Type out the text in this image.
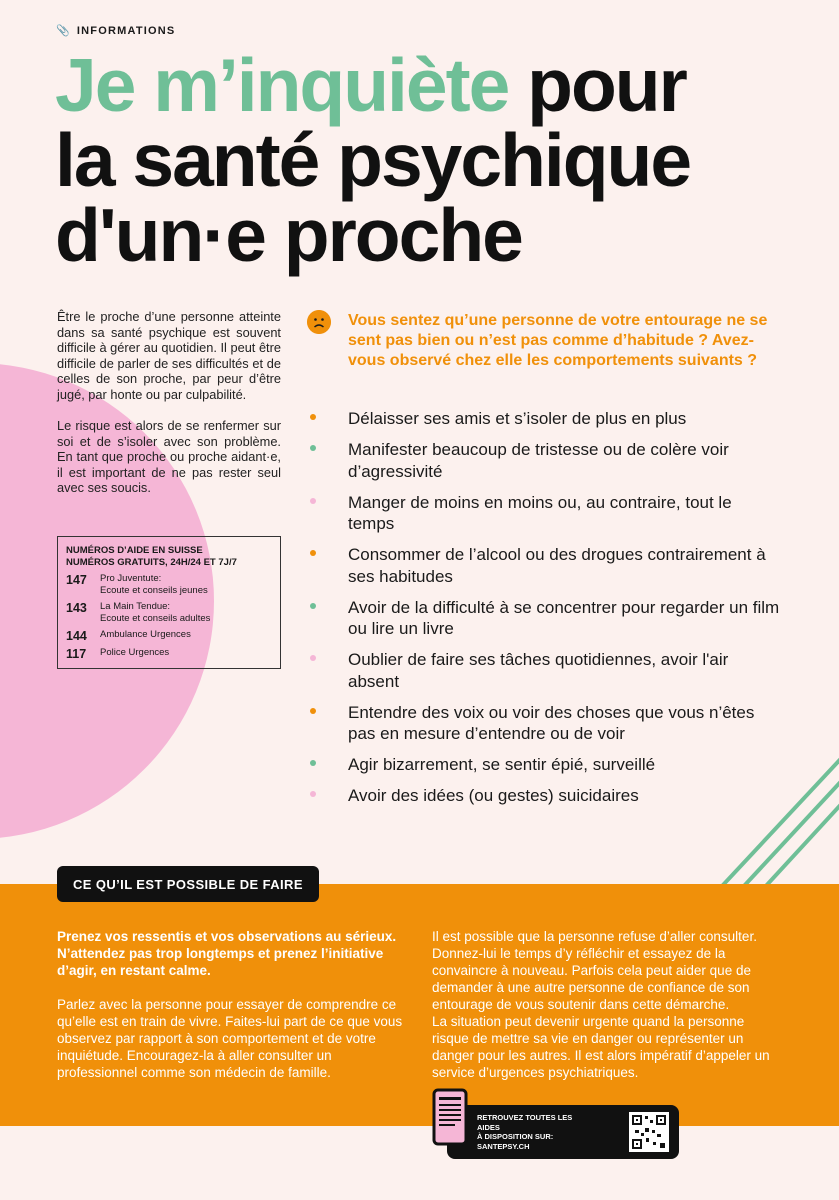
📎 INFORMATIONS
Je m’inquiète pour
la santé psychique
d'un·e proche

Être le proche d’une personne atteinte dans sa santé psychique est souvent difficile à gérer au quotidien. Il peut être difficile de parler de ses difficultés et de celles de son proche, par peur d’être jugé, par honte ou par culpabilité.

Le risque est alors de se renfermer sur soi et de s’isoler avec son problème. En tant que proche ou proche aidant·e, il est important de ne pas rester seul avec ses soucis.

NUMÉROS D’AIDE EN SUISSE
NUMÉROS GRATUITS, 24H/24 ET 7J/7
147	Pro Juventute:
Ecoute et conseils jeunes
143	La Main Tendue:
Ecoute et conseils adultes
144	Ambulance Urgences
117	Police Urgences
Vous sentez qu’une personne de votre entourage ne se sent pas bien ou n’est pas comme d’habitude ? Avez-vous observé chez elle les comportements suivants ?
Délaisser ses amis et s’isoler de plus en plus
Manifester beaucoup de tristesse ou de colère voir d’agressivité
Manger de moins en moins ou, au contraire, tout le temps
Consommer de l’alcool ou des drogues contrairement à ses habitudes
Avoir de la difficulté à se concentrer pour regarder un film ou lire un livre
Oublier de faire ses tâches quotidiennes, avoir l'air absent
Entendre des voix ou voir des choses que vous n’êtes pas en mesure d’entendre ou de voir
Agir bizarrement, se sentir épié, surveillé
Avoir des idées (ou gestes) suicidaires
CE QU’IL EST POSSIBLE DE FAIRE

Prenez vos ressentis et vos observations au sérieux. N’attendez pas trop longtemps et prenez l’initiative d’agir, en restant calme.

Parlez avec la personne pour essayer de comprendre ce qu’elle est en train de vivre. Faites-lui part de ce que vous observez par rapport à son comportement et de votre inquiétude. Encouragez-la à aller consulter un professionnel comme son médecin de famille.

Il est possible que la personne refuse d’aller consulter. Donnez-lui le temps d’y réfléchir et essayez de la convaincre à nouveau. Parfois cela peut aider que de demander à une autre personne de confiance de son entourage de vous soutenir dans cette démarche.

La situation peut devenir urgente quand la personne risque de mettre sa vie en danger ou représenter un danger pour les autres. Il est alors impératif d’appeler un service d’urgences psychiatriques.

RETROUVEZ TOUTES LES AIDES
À DISPOSITION SUR:
SANTEPSY.CH
